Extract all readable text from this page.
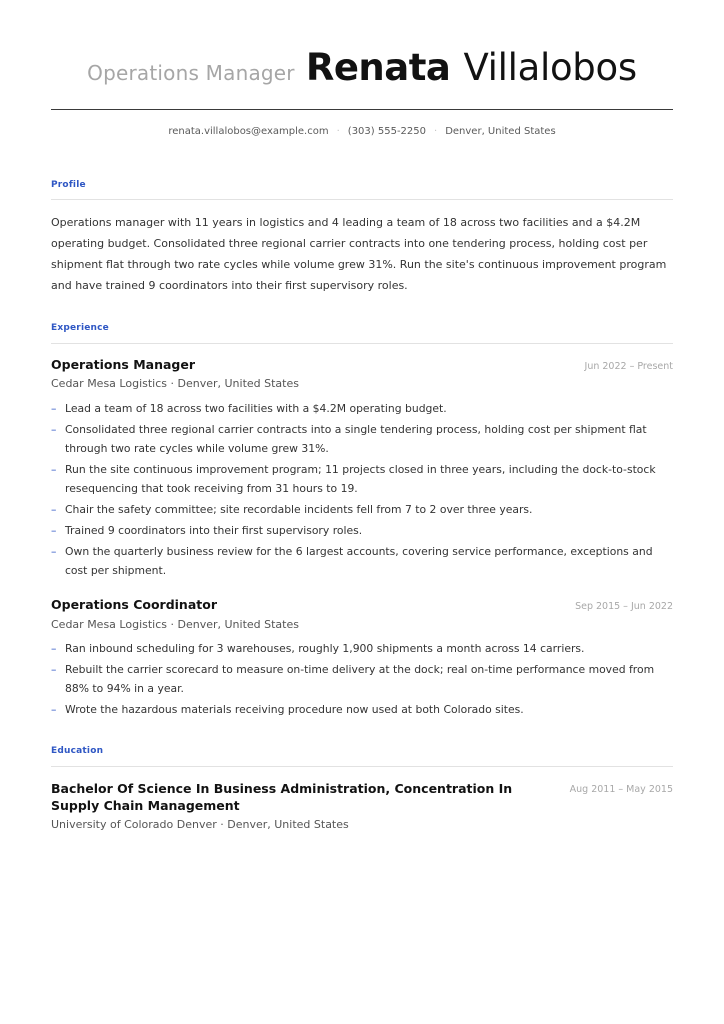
Operations Manager Renata Villalobos
renata.villalobos@example.com · (303) 555-2250 · Denver, United States
Profile
Operations manager with 11 years in logistics and 4 leading a team of 18 across two facilities and a $4.2M operating budget. Consolidated three regional carrier contracts into one tendering process, holding cost per shipment flat through two rate cycles while volume grew 31%. Run the site's continuous improvement program and have trained 9 coordinators into their first supervisory roles.
Experience
Operations Manager	Jun 2022 – Present
Cedar Mesa Logistics · Denver, United States
– Lead a team of 18 across two facilities with a $4.2M operating budget.
– Consolidated three regional carrier contracts into a single tendering process, holding cost per shipment flat through two rate cycles while volume grew 31%.
– Run the site continuous improvement program; 11 projects closed in three years, including the dock-to-stock resequencing that took receiving from 31 hours to 19.
– Chair the safety committee; site recordable incidents fell from 7 to 2 over three years.
– Trained 9 coordinators into their first supervisory roles.
– Own the quarterly business review for the 6 largest accounts, covering service performance, exceptions and cost per shipment.
Operations Coordinator	Sep 2015 – Jun 2022
Cedar Mesa Logistics · Denver, United States
– Ran inbound scheduling for 3 warehouses, roughly 1,900 shipments a month across 14 carriers.
– Rebuilt the carrier scorecard to measure on-time delivery at the dock; real on-time performance moved from 88% to 94% in a year.
– Wrote the hazardous materials receiving procedure now used at both Colorado sites.
Education
Bachelor Of Science In Business Administration, Concentration In Supply Chain Management
Aug 2011 – May 2015
University of Colorado Denver · Denver, United States
